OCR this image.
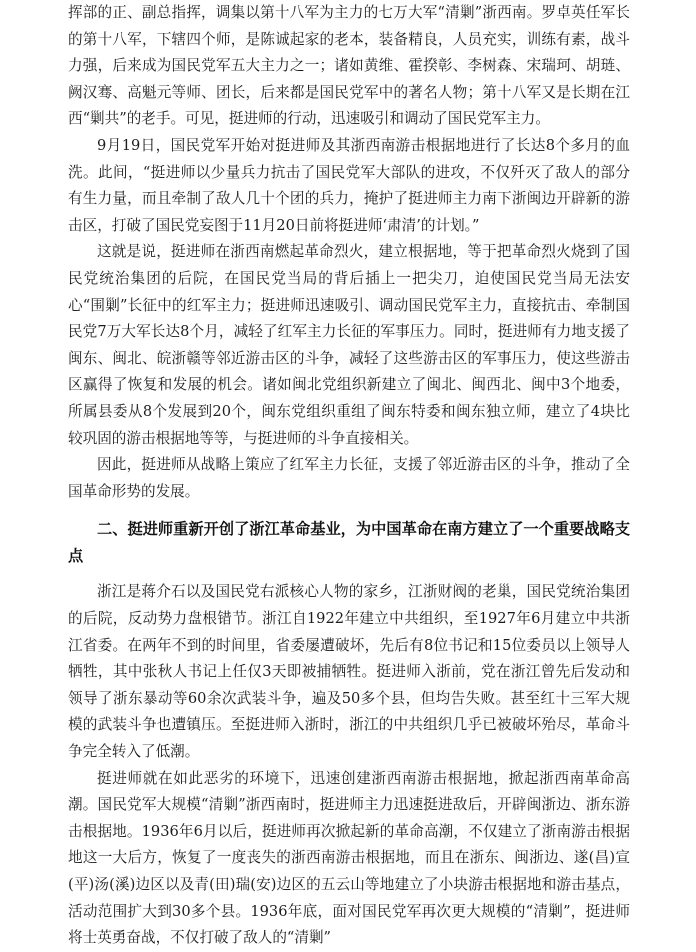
挥部的正、副总指挥，调集以第十八军为主力的七万大军“清剿”浙西南。罗卓英任军长的第十八军，下辖四个师，是陈诚起家的老本，装备精良，人员充实，训练有素，战斗力强，后来成为国民党军五大主力之一；诸如黄维、霍揆彰、李树森、宋瑞珂、胡琏、阙汉骞、高魁元等师、团长，后来都是国民党军中的著名人物；第十八军又是长期在江西“剿共”的老手。可见，挺进师的行动，迅速吸引和调动了国民党军主力。

9月19日，国民党军开始对挺进师及其浙西南游击根据地进行了长达8个多月的血洗。此间，“挺进师以少量兵力抗击了国民党军大部队的进攻，不仅歼灭了敌人的部分有生力量，而且牵制了敌人几十个团的兵力，掩护了挺进师主力南下浙闽边开辟新的游击区，打破了国民党妄图于11月20日前将挺进师‘肃清’的计划。”

这就是说，挺进师在浙西南燃起革命烈火，建立根据地，等于把革命烈火烧到了国民党统治集团的后院，在国民党当局的背后插上一把尖刀，迫使国民党当局无法安心“围剿”长征中的红军主力；挺进师迅速吸引、调动国民党军主力，直接抗击、牵制国民党7万大军长达8个月，减轻了红军主力长征的军事压力。同时，挺进师有力地支援了闽东、闽北、皖浙赣等邻近游击区的斗争，减轻了这些游击区的军事压力，使这些游击区赢得了恢复和发展的机会。诸如闽北党组织新建立了闽北、闽西北、闽中3个地委，所属县委从8个发展到20个，闽东党组织重组了闽东特委和闽东独立师，建立了4块比较巩固的游击根据地等等，与挺进师的斗争直接相关。

因此，挺进师从战略上策应了红军主力长征，支援了邻近游击区的斗争，推动了全国革命形势的发展。

二、挺进师重新开创了浙江革命基业，为中国革命在南方建立了一个重要战略支点

浙江是蒋介石以及国民党右派核心人物的家乡，江浙财阀的老巢，国民党统治集团的后院，反动势力盘根错节。浙江自1922年建立中共组织，至1927年6月建立中共浙江省委。在两年不到的时间里，省委屡遭破坏，先后有8位书记和15位委员以上领导人牺牲，其中张秋人书记上任仅3天即被捕牺牲。挺进师入浙前，党在浙江曾先后发动和领导了浙东暴动等60余次武装斗争，遍及50多个县，但均告失败。甚至红十三军大规模的武装斗争也遭镇压。至挺进师入浙时，浙江的中共组织几乎已被破坏殆尽，革命斗争完全转入了低潮。

挺进师就在如此恶劣的环境下，迅速创建浙西南游击根据地，掀起浙西南革命高潮。国民党军大规模“清剿”浙西南时，挺进师主力迅速挺进敌后，开辟闽浙边、浙东游击根据地。1936年6月以后，挺进师再次掀起新的革命高潮，不仅建立了浙南游击根据地这一大后方，恢复了一度丧失的浙西南游击根据地，而且在浙东、闽浙边、遂(昌)宣(平)汤(溪)边区以及青(田)瑞(安)边区的五云山等地建立了小块游击根据地和游击基点，活动范围扩大到30多个县。1936年底，面对国民党军再次更大规模的“清剿”，挺进师将士英勇奋战，不仅打破了敌人的“清剿”
